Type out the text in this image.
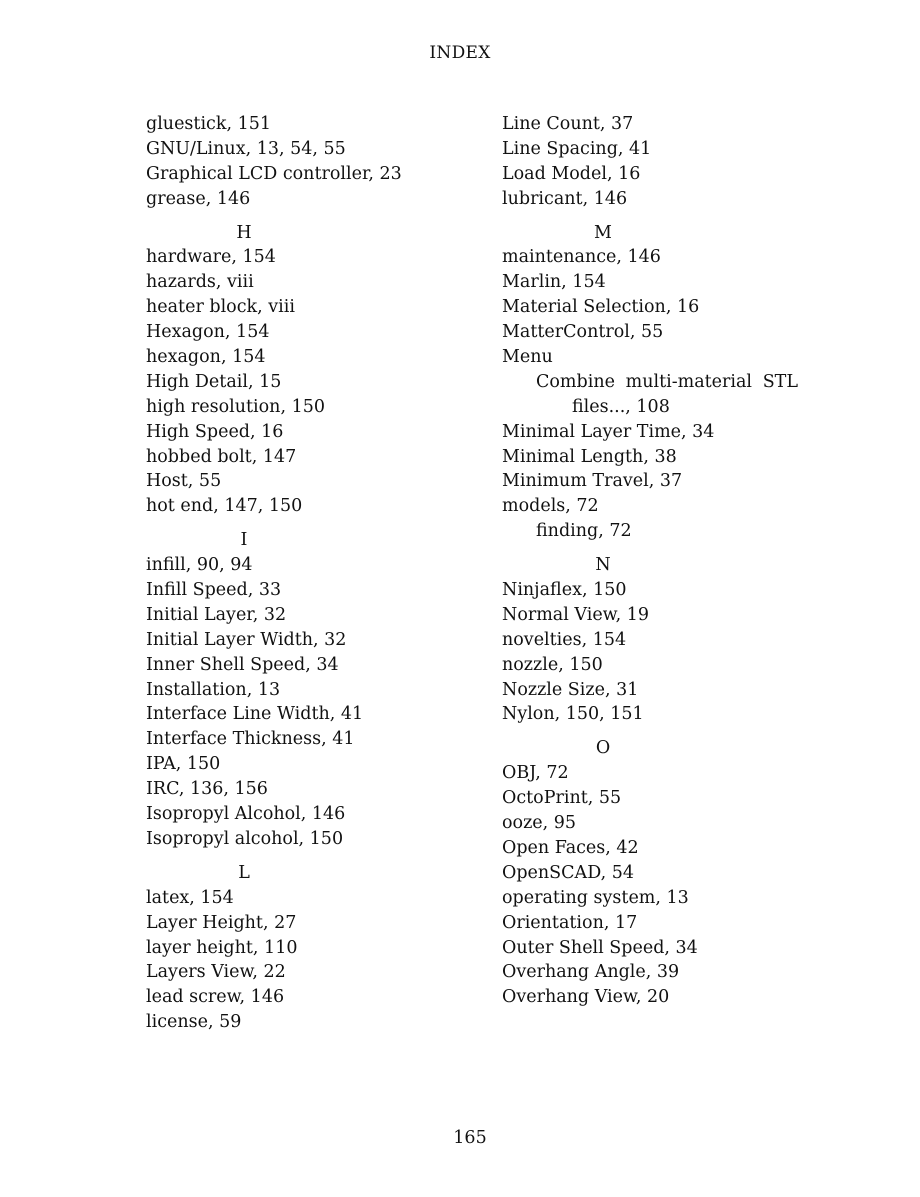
INDEX
gluestick, 151
GNU/Linux, 13, 54, 55
Graphical LCD controller, 23
grease, 146
H
hardware, 154
hazards, viii
heater block, viii
Hexagon, 154
hexagon, 154
High Detail, 15
high resolution, 150
High Speed, 16
hobbed bolt, 147
Host, 55
hot end, 147, 150
I
infill, 90, 94
Infill Speed, 33
Initial Layer, 32
Initial Layer Width, 32
Inner Shell Speed, 34
Installation, 13
Interface Line Width, 41
Interface Thickness, 41
IPA, 150
IRC, 136, 156
Isopropyl Alcohol, 146
Isopropyl alcohol, 150
L
latex, 154
Layer Height, 27
layer height, 110
Layers View, 22
lead screw, 146
license, 59
Line Count, 37
Line Spacing, 41
Load Model, 16
lubricant, 146
M
maintenance, 146
Marlin, 154
Material Selection, 16
MatterControl, 55
Menu
Combine multi-material STL
files..., 108
Minimal Layer Time, 34
Minimal Length, 38
Minimum Travel, 37
models, 72
finding, 72
N
Ninjaflex, 150
Normal View, 19
novelties, 154
nozzle, 150
Nozzle Size, 31
Nylon, 150, 151
O
OBJ, 72
OctoPrint, 55
ooze, 95
Open Faces, 42
OpenSCAD, 54
operating system, 13
Orientation, 17
Outer Shell Speed, 34
Overhang Angle, 39
Overhang View, 20
165
